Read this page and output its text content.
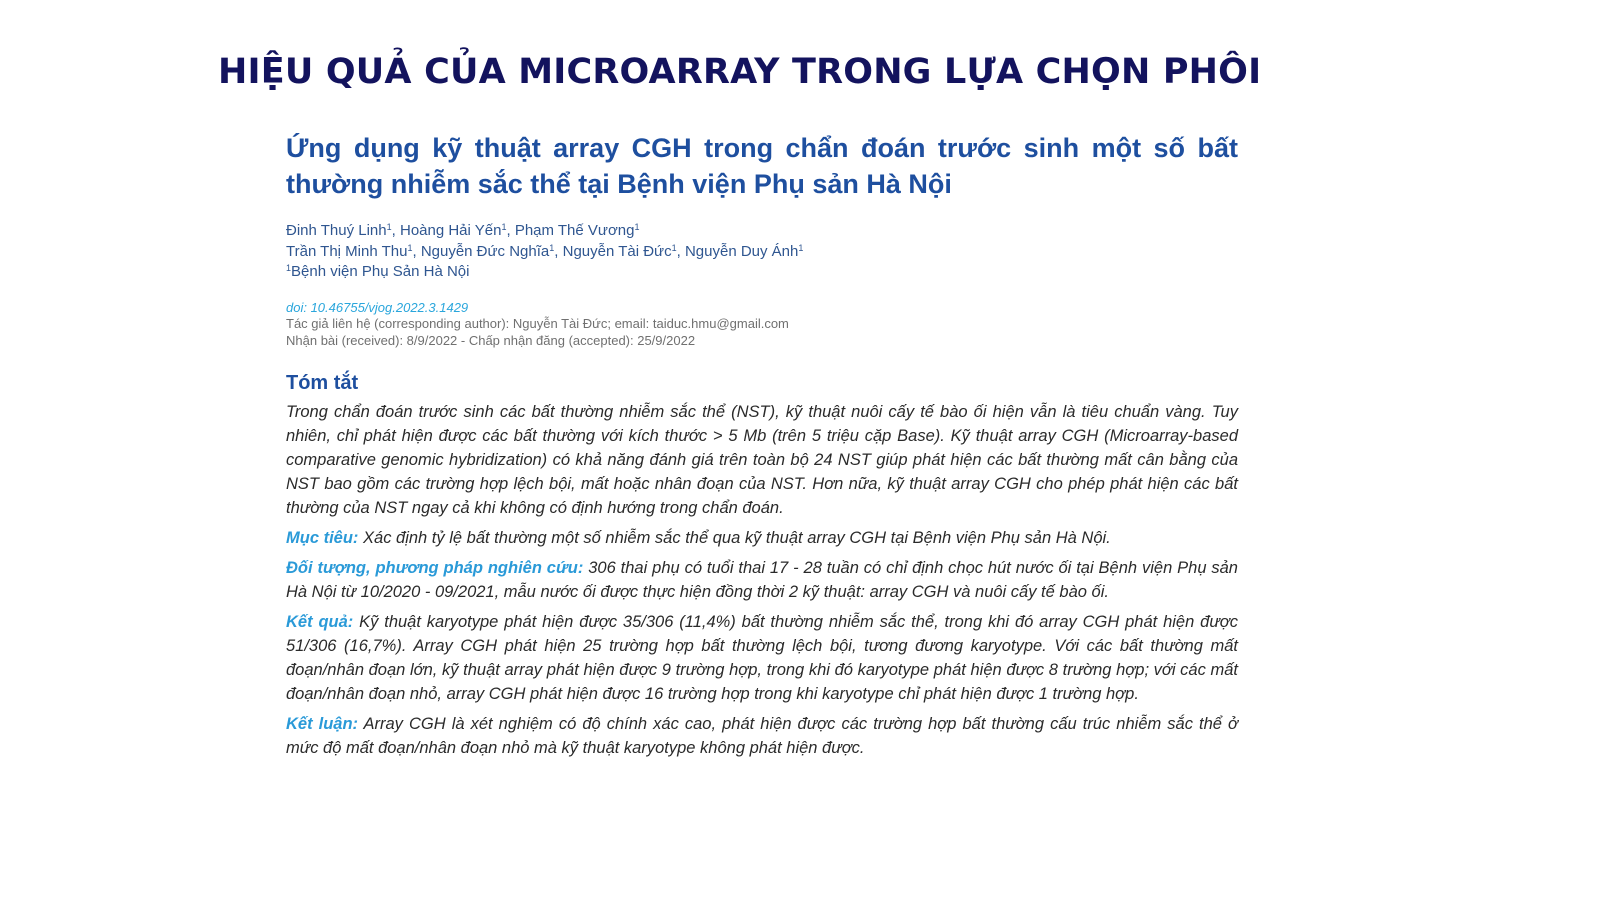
HIỆU QUẢ CỦA MICROARRAY TRONG LỰA CHỌN PHÔI
Ứng dụng kỹ thuật array CGH trong chẩn đoán trước sinh một số bất thường nhiễm sắc thể tại Bệnh viện Phụ sản Hà Nội
Đinh Thuý Linh$^1$, Hoàng Hải Yến$^1$, Phạm Thế Vương$^1$
Trần Thị Minh Thu$^1$, Nguyễn Đức Nghĩa$^1$, Nguyễn Tài Đức$^1$, Nguyễn Duy Ánh$^1$
$^1$Bệnh viện Phụ Sản Hà Nội
doi: 10.46755/vjog.2022.3.1429
Tác giả liên hệ (corresponding author): Nguyễn Tài Đức; email: taiduc.hmu@gmail.com
Nhận bài (received): 8/9/2022 - Chấp nhận đăng (accepted): 25/9/2022
Tóm tắt

Trong chẩn đoán trước sinh các bất thường nhiễm sắc thể (NST), kỹ thuật nuôi cấy tế bào ối hiện vẫn là tiêu chuẩn vàng. Tuy nhiên, chỉ phát hiện được các bất thường với kích thước > 5 Mb (trên 5 triệu cặp Base). Kỹ thuật array CGH (Microarray-based comparative genomic hybridization) có khả năng đánh giá trên toàn bộ 24 NST giúp phát hiện các bất thường mất cân bằng của NST bao gồm các trường hợp lệch bội, mất hoặc nhân đoạn của NST. Hơn nữa, kỹ thuật array CGH cho phép phát hiện các bất thường của NST ngay cả khi không có định hướng trong chẩn đoán.

Mục tiêu: Xác định tỷ lệ bất thường một số nhiễm sắc thể qua kỹ thuật array CGH tại Bệnh viện Phụ sản Hà Nội.

Đối tượng, phương pháp nghiên cứu: 306 thai phụ có tuổi thai 17 - 28 tuần có chỉ định chọc hút nước ối tại Bệnh viện Phụ sản Hà Nội từ 10/2020 - 09/2021, mẫu nước ối được thực hiện đồng thời 2 kỹ thuật: array CGH và nuôi cấy tế bào ối.

Kết quả: Kỹ thuật karyotype phát hiện được 35/306 (11,4%) bất thường nhiễm sắc thể, trong khi đó array CGH phát hiện được 51/306 (16,7%). Array CGH phát hiện 25 trường hợp bất thường lệch bội, tương đương karyotype. Với các bất thường mất đoạn/nhân đoạn lớn, kỹ thuật array phát hiện được 9 trường hợp, trong khi đó karyotype phát hiện được 8 trường hợp; với các mất đoạn/nhân đoạn nhỏ, array CGH phát hiện được 16 trường hợp trong khi karyotype chỉ phát hiện được 1 trường hợp.

Kết luận: Array CGH là xét nghiệm có độ chính xác cao, phát hiện được các trường hợp bất thường cấu trúc nhiễm sắc thể ở mức độ mất đoạn/nhân đoạn nhỏ mà kỹ thuật karyotype không phát hiện được.
